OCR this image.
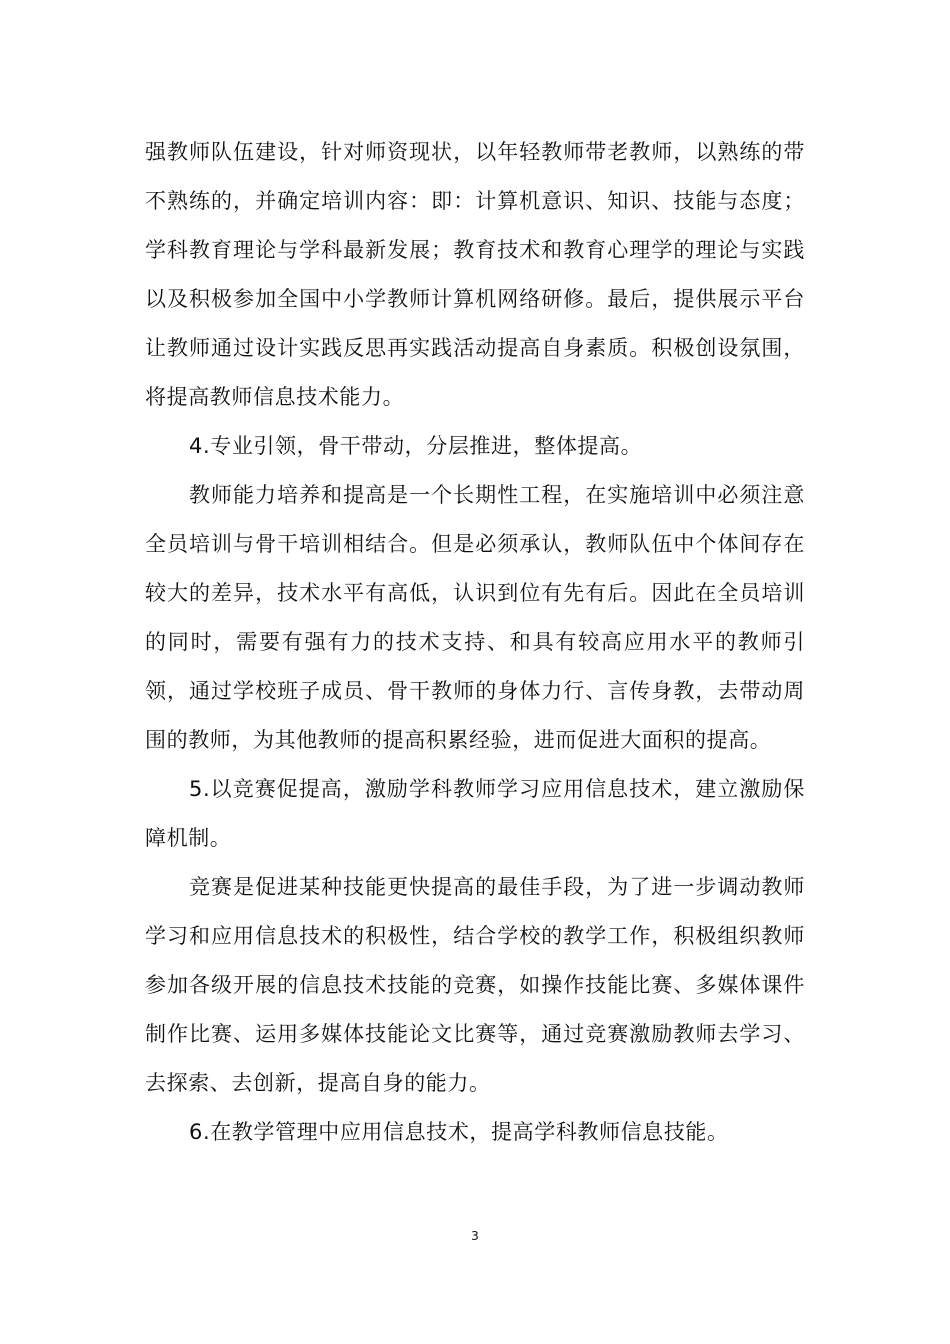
强教师队伍建设，针对师资现状，以年轻教师带老教师，以熟练的带不熟练的，并确定培训内容：即：计算机意识、知识、技能与态度；学科教育理论与学科最新发展；教育技术和教育心理学的理论与实践以及积极参加全国中小学教师计算机网络研修。最后，提供展示平台让教师通过设计实践反思再实践活动提高自身素质。积极创设氛围，将提高教师信息技术能力。

4.专业引领，骨干带动，分层推进，整体提高。

教师能力培养和提高是一个长期性工程，在实施培训中必须注意全员培训与骨干培训相结合。但是必须承认，教师队伍中个体间存在较大的差异，技术水平有高低，认识到位有先有后。因此在全员培训的同时，需要有强有力的技术支持、和具有较高应用水平的教师引领，通过学校班子成员、骨干教师的身体力行、言传身教，去带动周围的教师，为其他教师的提高积累经验，进而促进大面积的提高。

5.以竞赛促提高，激励学科教师学习应用信息技术，建立激励保障机制。

竞赛是促进某种技能更快提高的最佳手段，为了进一步调动教师学习和应用信息技术的积极性，结合学校的教学工作，积极组织教师参加各级开展的信息技术技能的竞赛，如操作技能比赛、多媒体课件制作比赛、运用多媒体技能论文比赛等，通过竞赛激励教师去学习、去探索、去创新，提高自身的能力。

6.在教学管理中应用信息技术，提高学科教师信息技能。

3
